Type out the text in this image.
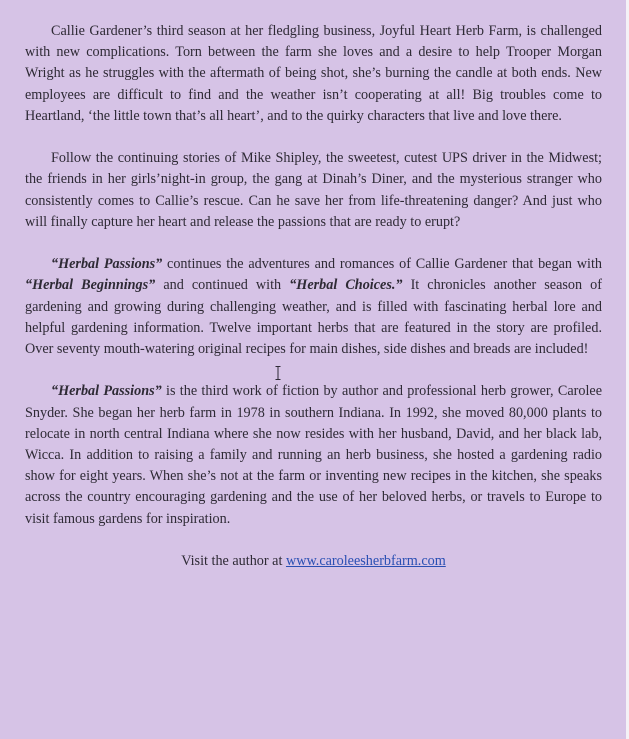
Callie Gardener’s third season at her fledgling business, Joyful Heart Herb Farm, is challenged with new complications. Torn between the farm she loves and a desire to help Trooper Morgan Wright as he struggles with the aftermath of being shot, she’s burning the candle at both ends. New employees are difficult to find and the weather isn’t cooperating at all! Big troubles come to Heartland, ‘the little town that’s all heart’, and to the quirky characters that live and love there.

Follow the continuing stories of Mike Shipley, the sweetest, cutest UPS driver in the Midwest; the friends in her girls’night-in group, the gang at Dinah’s Diner, and the mysterious stranger who consistently comes to Callie’s rescue. Can he save her from life-threatening danger? And just who will finally capture her heart and release the passions that are ready to erupt?

“Herbal Passions” continues the adventures and romances of Callie Gardener that began with “Herbal Beginnings” and continued with “Herbal Choices.” It chronicles another season of gardening and growing during challenging weather, and is filled with fascinating herbal lore and helpful gardening information. Twelve important herbs that are featured in the story are profiled. Over seventy mouth-watering original recipes for main dishes, side dishes and breads are included!

“Herbal Passions” is the third work of fiction by author and professional herb grower, Carolee Snyder. She began her herb farm in 1978 in southern Indiana. In 1992, she moved 80,000 plants to relocate in north central Indiana where she now resides with her husband, David, and her black lab, Wicca. In addition to raising a family and running an herb business, she hosted a gardening radio show for eight years. When she’s not at the farm or inventing new recipes in the kitchen, she speaks across the country encouraging gardening and the use of her beloved herbs, or travels to Europe to visit famous gardens for inspiration.

Visit the author at www.caroleesherbfarm.com
